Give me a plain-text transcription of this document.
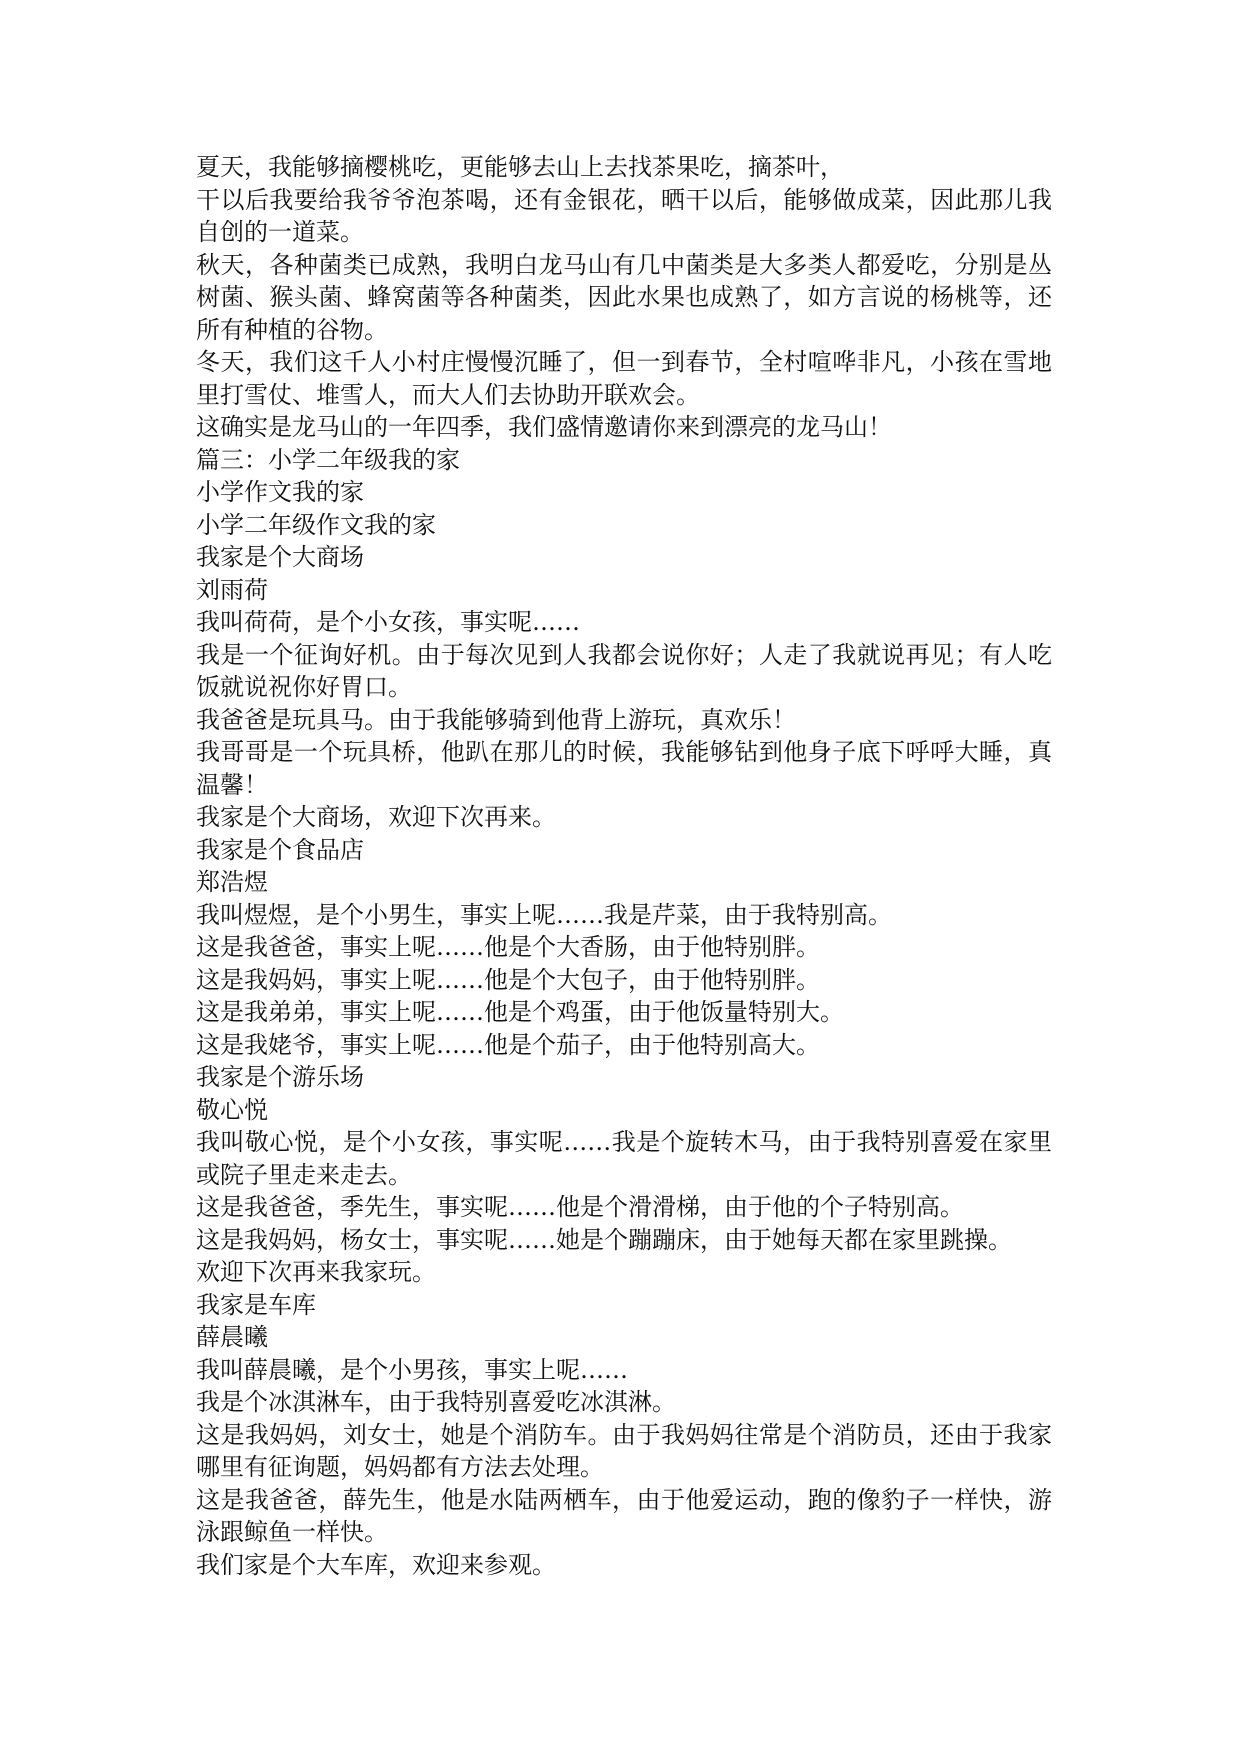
夏天，我能够摘樱桃吃，更能够去山上去找茶果吃，摘茶叶，

干以后我要给我爷爷泡茶喝，还有金银花，晒干以后，能够做成菜，因此那儿我自创的一道菜。

秋天，各种菌类已成熟，我明白龙马山有几中菌类是大多类人都爱吃，分别是丛树菌、猴头菌、蜂窝菌等各种菌类，因此水果也成熟了，如方言说的杨桃等，还所有种植的谷物。

冬天，我们这千人小村庄慢慢沉睡了，但一到春节，全村喧哗非凡，小孩在雪地里打雪仗、堆雪人，而大人们去协助开联欢会。

这确实是龙马山的一年四季，我们盛情邀请你来到漂亮的龙马山！

篇三：小学二年级我的家

小学作文我的家

小学二年级作文我的家

我家是个大商场

刘雨荷

我叫荷荷，是个小女孩，事实呢……

我是一个征询好机。由于每次见到人我都会说你好；人走了我就说再见；有人吃饭就说祝你好胃口。

我爸爸是玩具马。由于我能够骑到他背上游玩，真欢乐！

我哥哥是一个玩具桥，他趴在那儿的时候，我能够钻到他身子底下呼呼大睡，真温馨！

我家是个大商场，欢迎下次再来。

我家是个食品店

郑浩煜

我叫煜煜，是个小男生，事实上呢……我是芹菜，由于我特别高。

这是我爸爸，事实上呢……他是个大香肠，由于他特别胖。

这是我妈妈，事实上呢……他是个大包子，由于他特别胖。

这是我弟弟，事实上呢……他是个鸡蛋，由于他饭量特别大。

这是我姥爷，事实上呢……他是个茄子，由于他特别高大。

我家是个游乐场

敬心悦

我叫敬心悦，是个小女孩，事实呢……我是个旋转木马，由于我特别喜爱在家里或院子里走来走去。

这是我爸爸，季先生，事实呢……他是个滑滑梯，由于他的个子特别高。

这是我妈妈，杨女士，事实呢……她是个蹦蹦床，由于她每天都在家里跳操。

欢迎下次再来我家玩。

我家是车库

薛晨曦

我叫薛晨曦，是个小男孩，事实上呢……

我是个冰淇淋车，由于我特别喜爱吃冰淇淋。

这是我妈妈，刘女士，她是个消防车。由于我妈妈往常是个消防员，还由于我家哪里有征询题，妈妈都有方法去处理。

这是我爸爸，薛先生，他是水陆两栖车，由于他爱运动，跑的像豹子一样快，游泳跟鲸鱼一样快。

我们家是个大车库，欢迎来参观。
